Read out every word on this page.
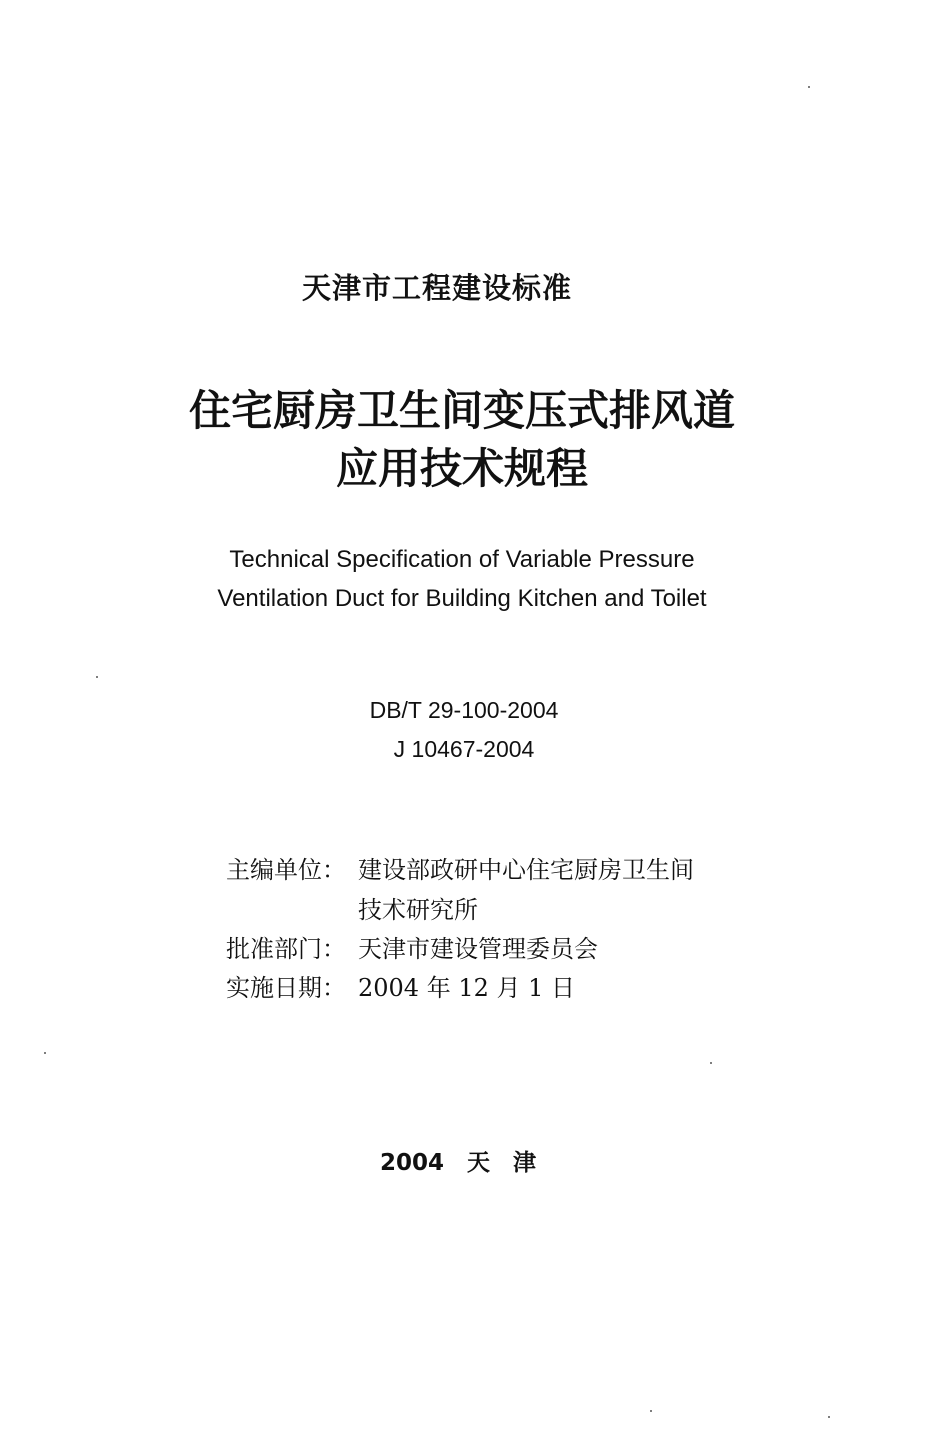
天津市工程建设标准
住宅厨房卫生间变压式排风道
应用技术规程
Technical Specification of Variable Pressure
Ventilation Duct for Building Kitchen and Toilet
DB/T 29-100-2004
J 10467-2004
主编单位： 建设部政研中心住宅厨房卫生间
技术研究所
批准部门： 天津市建设管理委员会
实施日期： 2004 年 12 月 1 日
2004　天　津
